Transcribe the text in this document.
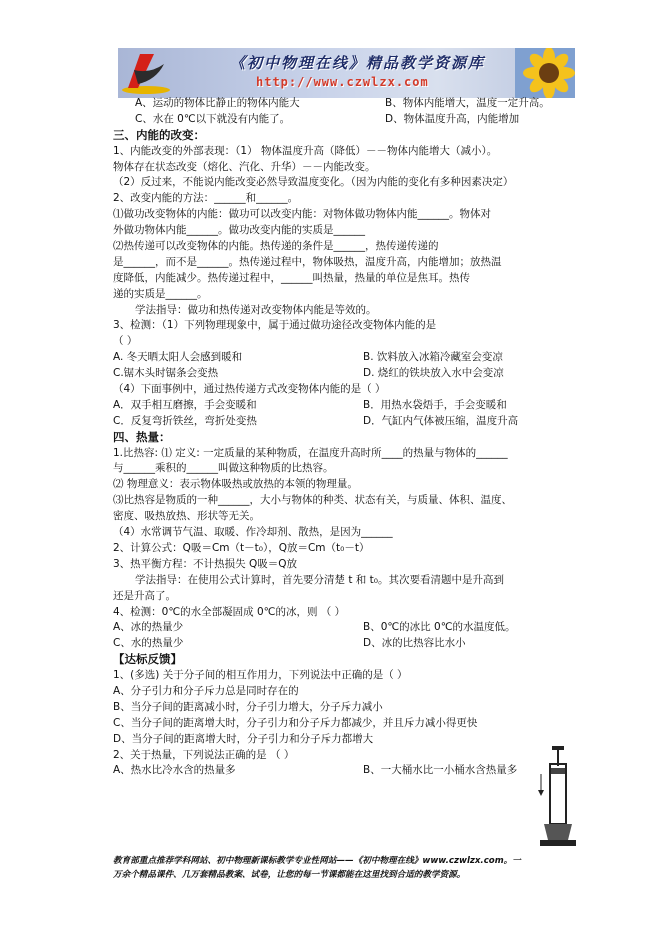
《初中物理在线》精品教学资源库
http://www.czwlzx.com
A、运动的物体比静止的物体内能大	B、物体内能增大，温度一定升高。
C、水在 0℃以下就没有内能了。	D、物体温度升高，内能增加
三、内能的改变：
1、内能改变的外部表现：（1） 物体温度升高（降低）－－物体内能增大（减小）。
物体存在状态改变（熔化、汽化、升华）－－内能改变。
（2）反过来，不能说内能改变必然导致温度变化。（因为内能的变化有多种因素决定）
2、改变内能的方法：______和______。
⑴做功改变物体的内能：做功可以改变内能：对物体做功物体内能______。物体对
外做功物体内能______。做功改变内能的实质是______
⑵热传递可以改变物体的内能。热传递的条件是______，热传递传递的
是______，而不是______。热传递过程中，物体吸热，温度升高，内能增加；放热温
度降低，内能减少。热传递过程中，______叫热量，热量的单位是焦耳。热传
递的实质是______。
学法指导：做功和热传递对改变物体内能是等效的。
3、检测：（1）下列物理现象中，属于通过做功途径改变物体内能的是
（ ）
A. 冬天晒太阳人会感到暖和	B. 饮料放入冰箱冷藏室会变凉
C.锯木头时锯条会变热	D. 烧红的铁块放入水中会变凉
（4）下面事例中，通过热传递方式改变物体内能的是（ ）
A．双手相互磨擦，手会变暖和	B．用热水袋焐手，手会变暖和
C．反复弯折铁丝，弯折处变热	D．气缸内气体被压缩，温度升高
四、热量：
1.比热容: ⑴ 定义: 一定质量的某种物质，在温度升高时所____的热量与物体的______
与______乘积的______叫做这种物质的比热容。
⑵ 物理意义：表示物体吸热或放热的本领的物理量。
⑶比热容是物质的一种______，大小与物体的种类、状态有关，与质量、体积、温度、
密度、吸热放热、形状等无关。
（4）水常调节气温、取暖、作冷却剂、散热，是因为______
2、计算公式：Q吸＝Cm（t－t₀），Q放＝Cm（t₀－t）
3、热平衡方程：不计热损失 Q吸＝Q放
学法指导：在使用公式计算时，首先要分清楚 t 和 t₀。其次要看清题中是升高到
还是升高了。
4、检测：0℃的水全部凝固成 0℃的冰，则 （ ）
A、冰的热量少	B、0℃的冰比 0℃的水温度低。
C、水的热量少	D、冰的比热容比水小
【达标反馈】
1、(多选) 关于分子间的相互作用力，下列说法中正确的是（ ）
A、分子引力和分子斥力总是同时存在的
B、当分子间的距离减小时，分子引力增大，分子斥力减小
C、当分子间的距离增大时，分子引力和分子斥力都减少，并且斥力减小得更快
D、当分子间的距离增大时，分子引力和分子斥力都增大
2、关于热量，下列说法正确的是 （ ）
A、热水比冷水含的热量多	B、一大桶水比一小桶水含热量多
教育部重点推荐学科网站、初中物理新课标教学专业性网站——《初中物理在线》www.czwlzx.com。一
万余个精品课件、几万套精品教案、试卷，让您的每一节课都能在这里找到合适的教学资源。
